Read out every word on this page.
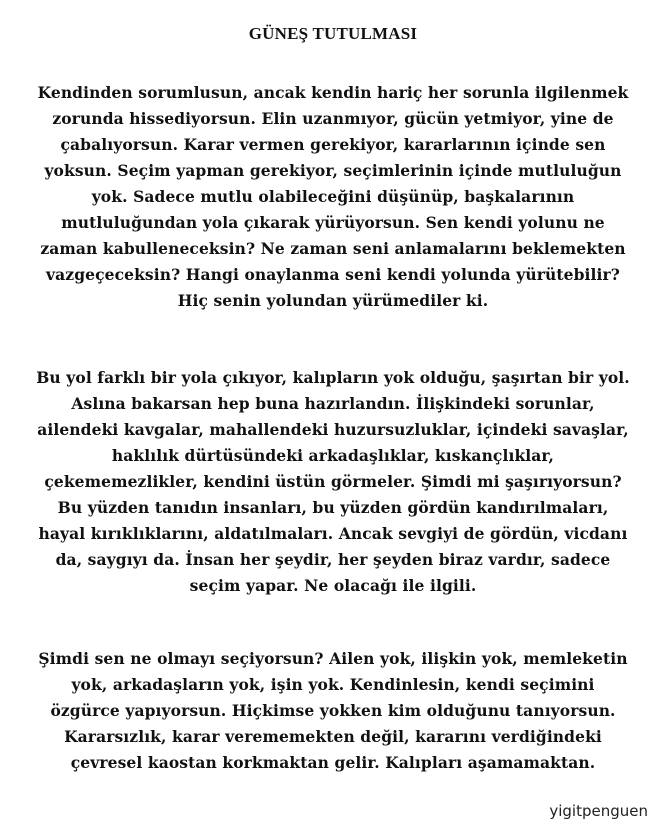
GÜNEŞ TUTULMASI
Kendinden sorumlusun, ancak kendin hariç her sorunla ilgilenmek
zorunda hissediyorsun. Elin uzanmıyor, gücün yetmiyor, yine de
çabalıyorsun. Karar vermen gerekiyor, kararlarının içinde sen
yoksun. Seçim yapman gerekiyor, seçimlerinin içinde mutluluğun
yok. Sadece mutlu olabileceğini düşünüp, başkalarının
mutluluğundan yola çıkarak yürüyorsun. Sen kendi yolunu ne
zaman kabulleneceksin? Ne zaman seni anlamalarını beklemekten
vazgeçeceksin? Hangi onaylanma seni kendi yolunda yürütebilir?
Hiç senin yolundan yürümediler ki.
Bu yol farklı bir yola çıkıyor, kalıpların yok olduğu, şaşırtan bir yol.
Aslına bakarsan hep buna hazırlandın. İlişkindeki sorunlar,
ailendeki kavgalar, mahallendeki huzursuzluklar, içindeki savaşlar,
haklılık dürtüsündeki arkadaşlıklar, kıskançlıklar,
çekememezlikler, kendini üstün görmeler. Şimdi mi şaşırıyorsun?
Bu yüzden tanıdın insanları, bu yüzden gördün kandırılmaları,
hayal kırıklıklarını, aldatılmaları. Ancak sevgiyi de gördün, vicdanı
da, saygıyı da. İnsan her şeydir, her şeyden biraz vardır, sadece
seçim yapar. Ne olacağı ile ilgili.
Şimdi sen ne olmayı seçiyorsun? Ailen yok, ilişkin yok, memleketin
yok, arkadaşların yok, işin yok. Kendinlesin, kendi seçimini
özgürce yapıyorsun. Hiçkimse yokken kim olduğunu tanıyorsun.
Kararsızlık, karar verememekten değil, kararını verdiğindeki
çevresel kaostan korkmaktan gelir. Kalıpları aşamamaktan.
yigitpenguen
